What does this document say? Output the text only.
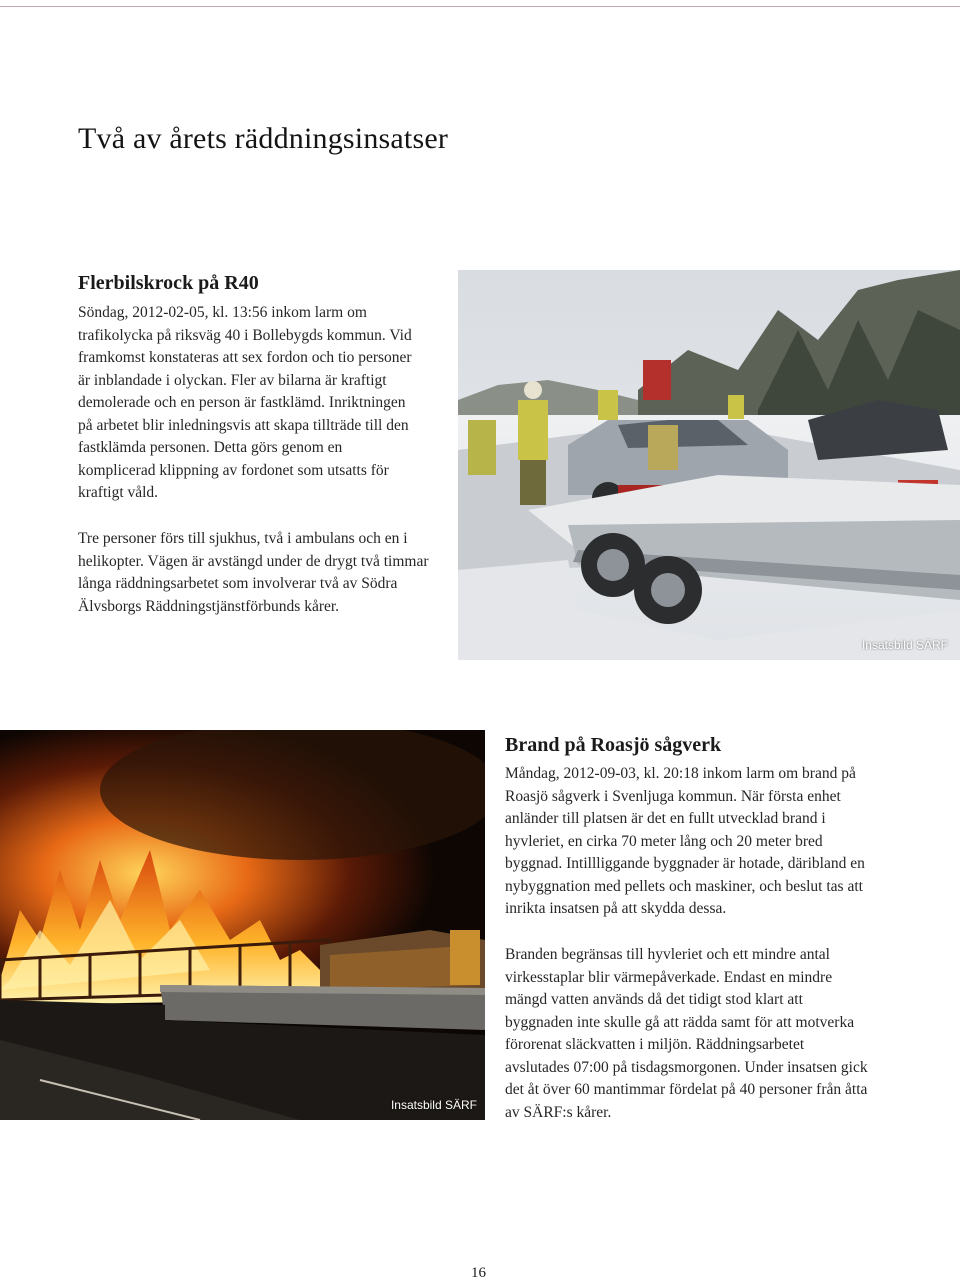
Två av årets räddningsinsatser
Flerbilskrock på R40

Söndag, 2012-02-05, kl. 13:56 inkom larm om trafikolycka på riksväg 40 i Bollebygds kommun. Vid framkomst konstateras att sex fordon och tio personer är inblandade i olyckan. Fler av bilarna är kraftigt demolerade och en person är fastklämd. Inriktningen på arbetet blir inledningsvis att skapa tillträde till den fastklämda personen. Detta görs genom en komplicerad klippning av fordonet som utsatts för kraftigt våld.

Tre personer förs till sjukhus, två i ambulans och en i helikopter. Vägen är avstängd under de drygt två timmar långa räddningsarbetet som involverar två av Södra Älvsborgs Räddningstjänstförbunds kårer.

Insatsbild SÄRF
Insatsbild SÄRF
Brand på Roasjö sågverk

Måndag, 2012-09-03, kl. 20:18 inkom larm om brand på Roasjö sågverk i Svenljuga kommun. När första enhet anländer till platsen är det en fullt utvecklad brand i hyvleriet, en cirka 70 meter lång och 20 meter bred byggnad. Intillliggande byggnader är hotade, däribland en nybyggnation med pellets och maskiner, och beslut tas att inrikta insatsen på att skydda dessa.

Branden begränsas till hyvleriet och ett mindre antal virkesstaplar blir värmepåverkade. Endast en mindre mängd vatten används då det tidigt stod klart att byggnaden inte skulle gå att rädda samt för att motverka förorenat släckvatten i miljön. Räddningsarbetet avslutades 07:00 på tisdagsmorgonen. Under insatsen gick det åt över 60 mantimmar fördelat på 40 personer från åtta av SÄRF:s kårer.

16
